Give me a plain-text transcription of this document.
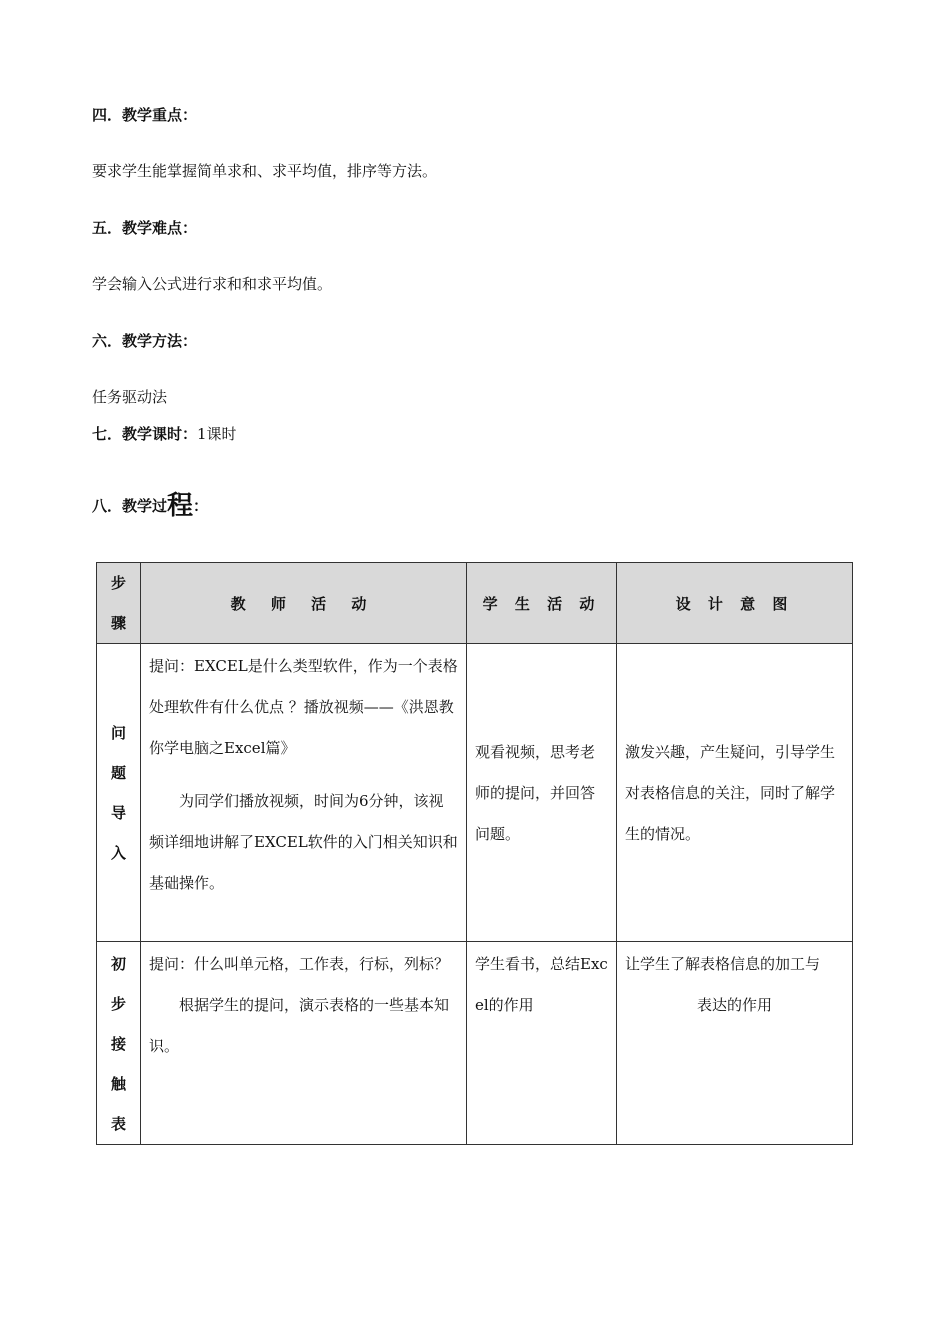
四．教学重点：
要求学生能掌握简单求和、求平均值，排序等方法。
五．教学难点：
学会输入公式进行求和和求平均值。
六．教学方法：
任务驱动法
七．教学课时：1课时
八．教学过程：
步
骤	教 师 活 动	学 生 活 动	设 计 意 图

问
题
导
入	提问：EXCEL是什么类型软件，作为一个表格处理软件有什么优点 ？播放视频——《洪恩教你学电脑之Excel篇》
为同学们播放视频，时间为6分钟，该视频详细地讲解了EXCEL软件的入门相关知识和基础操作。	观看视频，思考老师的提问，并回答问题。	激发兴趣，产生疑问，引导学生对表格信息的关注，同时了解学生的情况。

初
步
接
触
表	提问：什么叫单元格，工作表，行标，列标？
根据学生的提问，演示表格的一些基本知识。	学生看书，总结Excel的作用	让学生了解表格信息的加工与
表达的作用
